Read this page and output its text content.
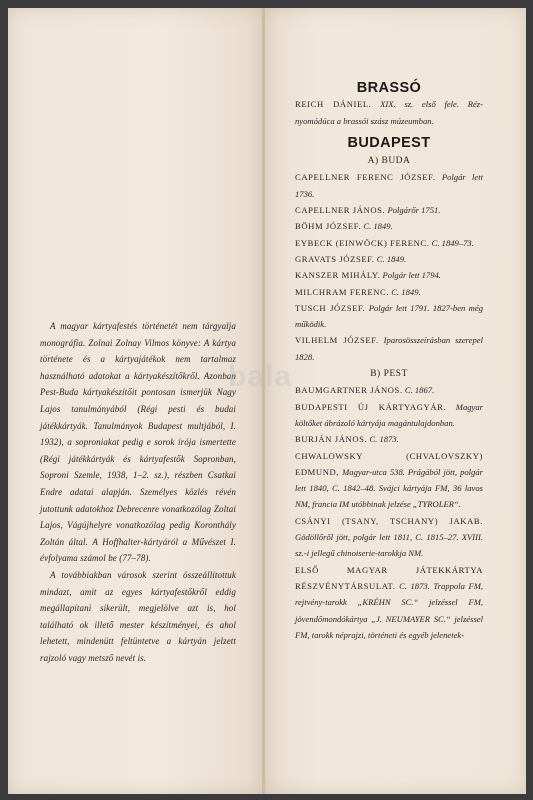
A magyar kártyafestés történetét nem tárgyalja monográfia. Zolnai Zolnay Vilmos könyve: A kártya története és a kártyajátékok nem tartalmaz használható adatokat a kártyakészítőkről. Azonban Pest-Buda kártyakészítőit pontosan ismerjük Nagy Lajos tanulmányából (Régi pesti és budai játékkártyák. Tanulmányok Budapest multjából, I. 1932), a soproniakat pedig e sorok írója ismertette (Régi játékkártyák és kártyafestők Sopronban, Soproni Szemle, 1938, 1–2. sz.), részben Csatkai Endre adatai alapján. Személyes közlés révén jutottunk adatokhoz Debrecenre vonatkozólag Zoltai Lajos, Vágújhelyre vonatkozólag pedig Koronthály Zoltán által. A Hoffhalter-kártyáról a Művészet I. évfolyama számol be (77–78).

A továbbiakban városok szerint összeállítottuk mindazt, amit az egyes kártyafestőkről eddig megállapítani sikerült, megjelölve azt is, hol található ok illető mester készítményei, és ahol lehetett, mindenütt feltüntetve a kártyán jelzett rajzoló vagy metsző nevét is.

bala
BRASSÓ

REICH DÁNIEL. XIX. sz. első fele. Réz-nyomódúca a brassói szász múzeumban.

BUDAPEST
A) BUDA

CAPELLNER FERENC JÓZSEF. Polgár lett 1736.

CAPELLNER JÁNOS. Polgárőr 1751.

BÖHM JÓZSEF. C. 1849.

EYBECK (EINWÖCK) FERENC. C. 1849–73.

GRAVATS JÓZSEF. C. 1849.

KANSZER MIHÁLY. Polgár lett 1794.

MILCHRAM FERENC. C. 1849.

TUSCH JÓZSEF. Polgár lett 1791. 1827-ben még működik.

VILHELM JÓZSEF. Iparosösszeírásban szerepel 1828.

B) PEST

BAUMGARTNER JÁNOS. C. 1867.

BUDAPESTI ÚJ KÁRTYAGYÁR. Magyar költőket ábrázoló kártyája magántulajdonban.

BURJÁN JÁNOS. C. 1873.

CHWALOWSKY (CHVALOVSZKY) EDMUND, Magyar-utca 538. Prágából jött, polgár lett 1840, C. 1842–48. Svájci kártyája FM, 36 lavos NM, francia IM utóbbinak jelzése „TYROLER“.

CSÁNYI (TSANY, TSCHANY) JAKAB. Gödöllőről jött, polgár lett 1811, C. 1815–27. XVIII. sz.-i jellegű chinoiserie-tarokkja NM.

ELSŐ MAGYAR JÁTEKKÁRTYA RÉSZVÉNYTÁRSULAT. C. 1873. Trappola FM, rejtvény-tarokk „KRÉHN SC.“ jelzéssel FM, jövendőmondókártya „J. NEUMAYER SC.“ jelzéssel FM, tarokk néprajzi, történeti és egyéb jelenetek-
